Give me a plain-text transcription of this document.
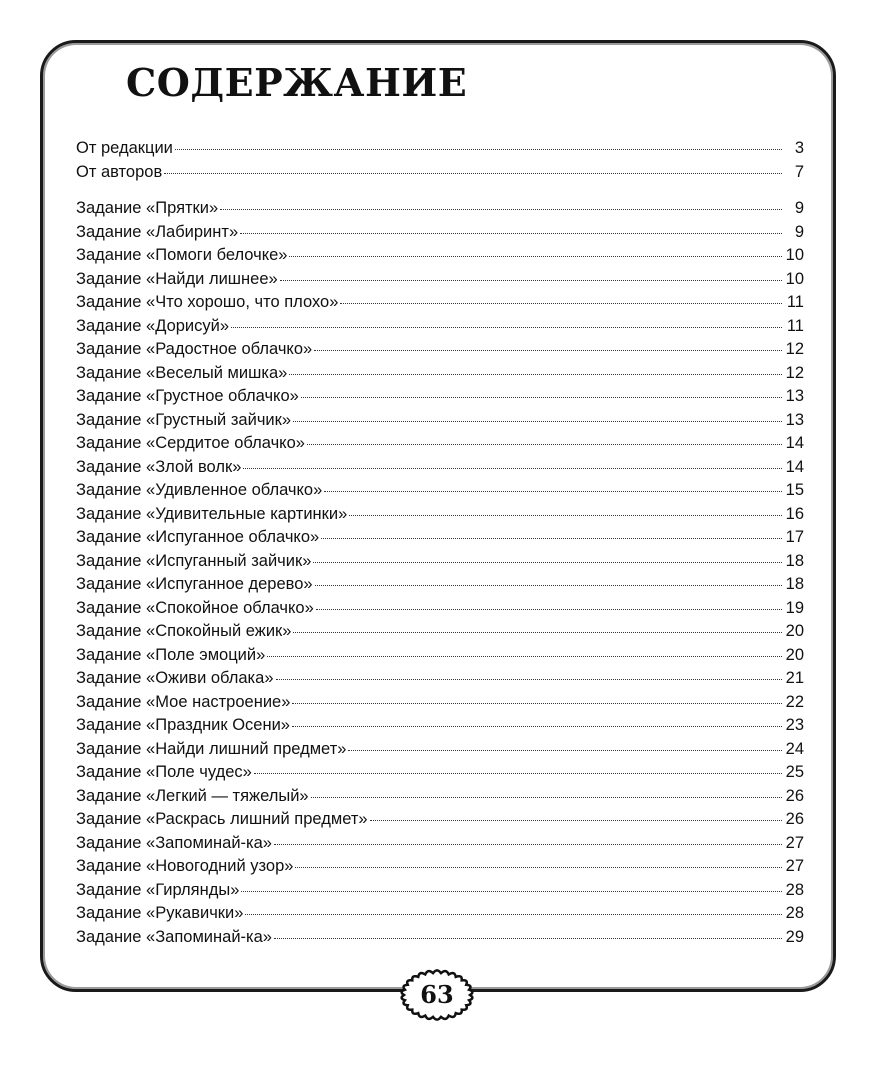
СОДЕРЖАНИЕ
От редакции	3
От авторов	7
Задание «Прятки»	9
Задание «Лабиринт»	9
Задание «Помоги белочке»	10
Задание «Найди лишнее»	10
Задание «Что хорошо, что плохо»	11
Задание «Дорисуй»	11
Задание «Радостное облачко»	12
Задание «Веселый мишка»	12
Задание «Грустное облачко»	13
Задание «Грустный зайчик»	13
Задание «Сердитое облачко»	14
Задание «Злой волк»	14
Задание «Удивленное облачко»	15
Задание «Удивительные картинки»	16
Задание «Испуганное облачко»	17
Задание «Испуганный зайчик»	18
Задание «Испуганное дерево»	18
Задание «Спокойное облачко»	19
Задание «Спокойный ежик»	20
Задание «Поле эмоций»	20
Задание «Оживи облака»	21
Задание «Мое настроение»	22
Задание «Праздник Осени»	23
Задание «Найди лишний предмет»	24
Задание «Поле чудес»	25
Задание «Легкий — тяжелый»	26
Задание «Раскрась лишний предмет»	26
Задание «Запоминай-ка»	27
Задание «Новогодний узор»	27
Задание «Гирлянды»	28
Задание «Рукавички»	28
Задание «Запоминай-ка»	29
63
